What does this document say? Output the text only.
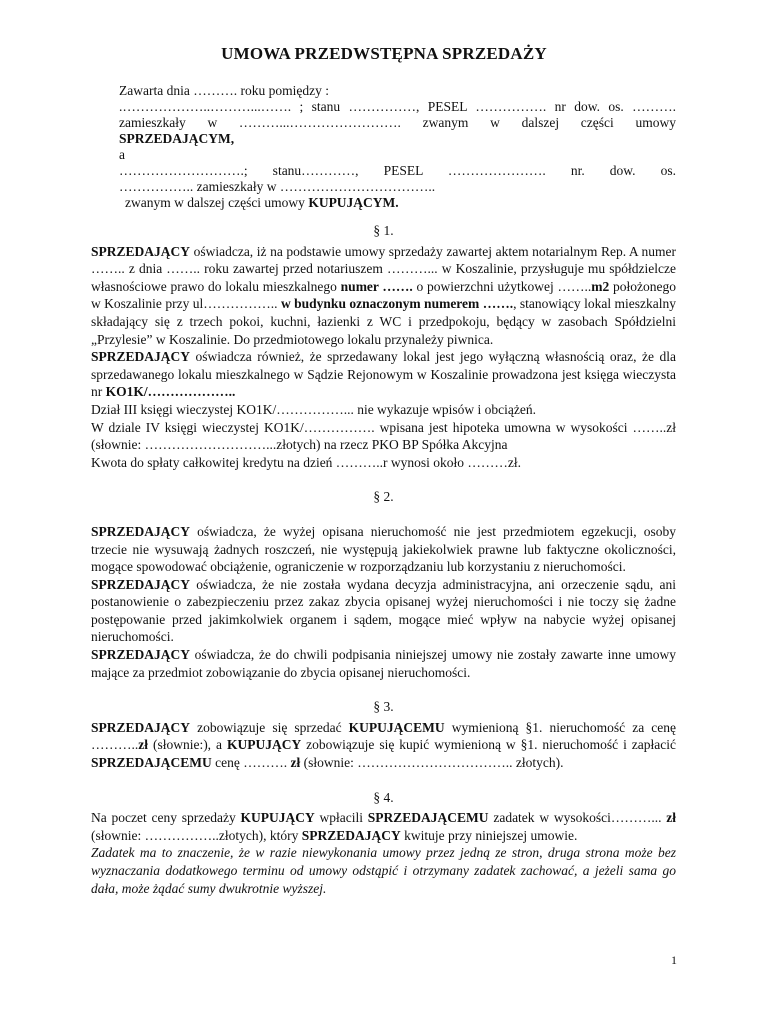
UMOWA PRZEDWSTĘPNA SPRZEDAŻY

Zawarta dnia ………. roku pomiędzy :

.………………..………...……. ; stanu ……………, PESEL ……………. nr dow. os. ……….

zamieszkały w ………...……………………. zwanym w dalszej części umowy

SPRZEDAJĄCYM,

a

……………………….; stanu…………, PESEL …………………. nr. dow. os.

…………….. zamieszkały w ……………………………..

zwanym w dalszej części umowy KUPUJĄCYM.

§ 1.

SPRZEDAJĄCY oświadcza, iż na podstawie umowy sprzedaży zawartej aktem notarialnym Rep. A numer …….. z dnia …….. roku zawartej przed notariuszem ………... w Koszalinie, przysługuje mu spółdzielcze własnościowe prawo do lokalu mieszkalnego numer ……. o powierzchni użytkowej ……..m2 położonego w Koszalinie przy ul…………….. w budynku oznaczonym numerem ……., stanowiący lokal mieszkalny składający się z trzech pokoi, kuchni, łazienki z WC i przedpokoju, będący w zasobach Spółdzielni „Przylesie” w Koszalinie. Do przedmiotowego lokalu przynależy piwnica.

SPRZEDAJĄCY oświadcza również, że sprzedawany lokal jest jego wyłączną własnością oraz, że dla sprzedawanego lokalu mieszkalnego w Sądzie Rejonowym w Koszalinie prowadzona jest księga wieczysta nr KO1K/………………..

Dział III księgi wieczystej KO1K/……………... nie wykazuje wpisów i obciążeń.

W dziale IV księgi wieczystej KO1K/……………. wpisana jest hipoteka umowna w wysokości ……..zł (słownie: ………………………...złotych) na rzecz PKO BP Spółka Akcyjna

Kwota do spłaty całkowitej kredytu na dzień ………..r wynosi około ………zł.

§ 2.

SPRZEDAJĄCY oświadcza, że wyżej opisana nieruchomość nie jest przedmiotem egzekucji, osoby trzecie nie wysuwają żadnych roszczeń, nie występują jakiekolwiek prawne lub faktyczne okoliczności, mogące spowodować obciążenie, ograniczenie w rozporządzaniu lub korzystaniu z nieruchomości.

SPRZEDAJĄCY oświadcza, że nie została wydana decyzja administracyjna, ani orzeczenie sądu, ani postanowienie o zabezpieczeniu przez zakaz zbycia opisanej wyżej nieruchomości i nie toczy się żadne postępowanie przed jakimkolwiek organem i sądem, mogące mieć wpływ na nabycie wyżej opisanej nieruchomości.

SPRZEDAJĄCY oświadcza, że do chwili podpisania niniejszej umowy nie zostały zawarte inne umowy mające za przedmiot zobowiązanie do zbycia opisanej nieruchomości.

§ 3.

SPRZEDAJĄCY zobowiązuje się sprzedać KUPUJĄCEMU wymienioną §1. nieruchomość za cenę ………..zł (słownie:), a KUPUJĄCY zobowiązuje się kupić wymienioną w §1. nieruchomość i zapłacić SPRZEDAJĄCEMU cenę ………. zł (słownie: …………………………….. złotych).

§ 4.

Na poczet ceny sprzedaży KUPUJĄCY wpłacili SPRZEDAJĄCEMU zadatek w wysokości………... zł (słownie: ……………..złotych), który SPRZEDAJĄCY kwituje przy niniejszej umowie.

Zadatek ma to znaczenie, że w razie niewykonania umowy przez jedną ze stron, druga strona może bez wyznaczania dodatkowego terminu od umowy odstąpić i otrzymany zadatek zachować, a jeżeli sama go dała, może żądać sumy dwukrotnie wyższej.

1
